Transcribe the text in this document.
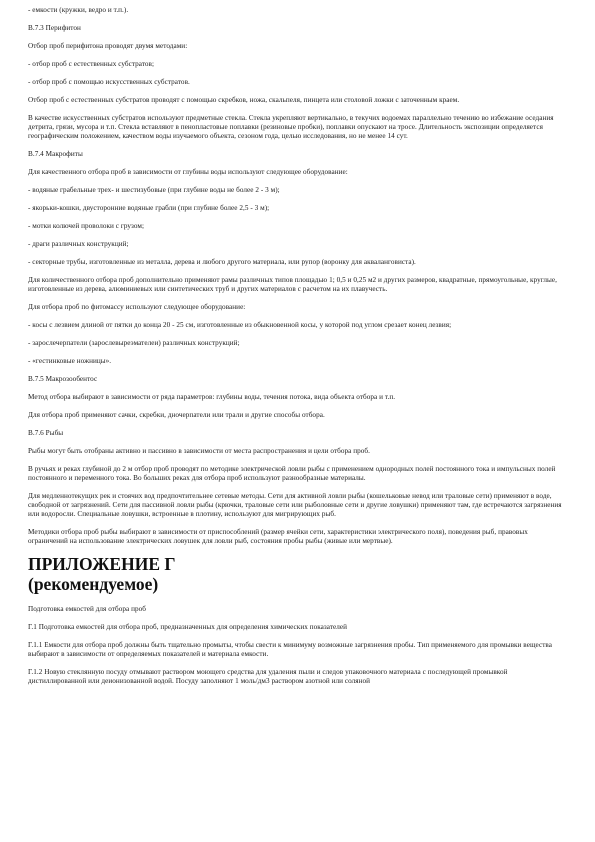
- емкости (кружки, ведро и т.п.).

В.7.3 Перифитон

Отбор проб перифитона проводят двумя методами:

- отбор проб с естественных субстратов;

- отбор проб с помощью искусственных субстратов.

Отбор проб с естественных субстратов проводят с помощью скребков, ножа, скальпеля, пинцета или столовой ложки с заточенным краем.

В качестве искусственных субстратов используют предметные стекла. Стекла укрепляют вертикально, в текучих водоемах параллельно течению во избежание оседания детрита, грязи, мусора и т.п. Стекла вставляют в пенопластовые поплавки (резиновые пробки), поплавки опускают на тросе. Длительность экспозиции определяется географическим положением, качеством воды изучаемого объекта, сезоном года, целью исследования, но не менее 14 сут.

В.7.4 Макрофиты

Для качественного отбора проб в зависимости от глубины воды используют следующее оборудование:

- водяные грабельные трех- и шестизубовые (при глубине воды не более 2 - 3 м);

- якорьки-кошки, двусторонние водяные грабли (при глубине более 2,5 - 3 м);

- мотки колючей проволоки с грузом;

- драги различных конструкций;

- секторные трубы, изготовленные из металла, дерева и любого другого материала, или рупор (воронку для акваланговиста).

Для количественного отбора проб дополнительно применяют рамы различных типов площадью 1; 0,5 и 0,25 м2 и других размеров, квадратные, прямоугольные, круглые, изготовленные из дерева, алюминиевых или синтетических труб и других материалов с расчетом на их плавучесть.

Для отбора проб по фитомассу используют следующее оборудование:

- косы с лезвием длиной от пятки до конца 20 - 25 см, изготовленные из обыкновенной косы, у которой под углом срезает конец лезвия;

- зарослечерпатели (зарослевыреэмателеи) различных конструкций;

- «гестинковые ножницы».

В.7.5 Макрозообентос

Метод отбора выбирают в зависимости от ряда параметров: глубины воды, течения потока, вида объекта отбора и т.п.

Для отбора проб применяют сачки, скребки, дночерпатели или трали и другие способы отбора.

В.7.6 Рыбы

Рыбы могут быть отобраны активно и пассивно в зависимости от места распространения и цели отбора проб.

В ручьях и реках глубиной до 2 м отбор проб проводят по методике электрической ловли рыбы с применением однородных полей постоянного тока и импульсных полей постоянного и переменного тока. Во больших реках для отбора проб используют разнообразные материалы.

Для медленнотекущих рек и стоячих вод предпочтительнее сетевые методы. Сети для активной ловли рыбы (кошельковые невод или траловые сети) применяют в воде, свободной от загрязнений. Сети для пассивной ловли рыбы (крючки, траловые сети или рыболовные сети и другие ловушки) применяют там, где встречаются загрязнения или водоросли. Специальные ловушки, встроенные в плотину, используют для мигрирующих рыб.

Методики отбора проб рыбы выбирают в зависимости от приспособлений (размер ячейки сети, характеристики электрического поля), поведения рыб, правовых ограничений на использование электрических ловушек для ловли рыб, состояния пробы рыбы (живые или мертвые).

ПРИЛОЖЕНИЕ Г
(рекомендуемое)

Подготовка емкостей для отбора проб

Г.1 Подготовка емкостей для отбора проб, предназначенных для определения химических показателей

Г.1.1 Емкости для отбора проб должны быть тщательно промыты, чтобы свести к минимуму возможные загрязнения пробы. Тип применяемого для промывки вещества выбирают в зависимости от определяемых показателей и материала емкости.

Г.1.2 Новую стеклянную посуду отмывают раствором моющего средства для удаления пыли и следов упаковочного материала с последующей промывкой дистиллированной или деионизованной водой. Посуду заполняют 1 моль/дм3 раствором азотной или соляной
